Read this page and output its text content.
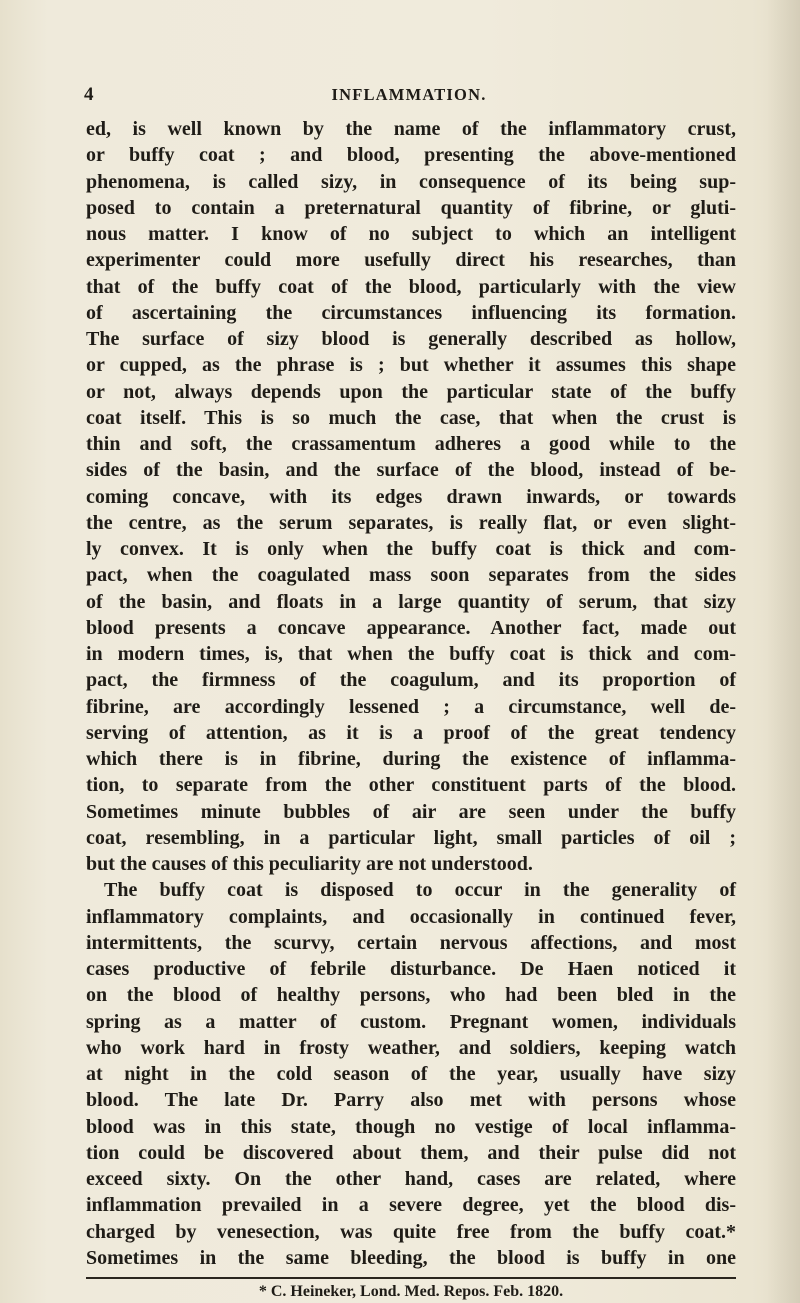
4	INFLAMMATION.
ed, is well known by the name of the inflammatory crust,
or buffy coat ; and blood, presenting the above-mentioned
phenomena, is called sizy, in consequence of its being sup-
posed to contain a preternatural quantity of fibrine, or gluti-
nous matter. I know of no subject to which an intelligent
experimenter could more usefully direct his researches, than
that of the buffy coat of the blood, particularly with the view
of ascertaining the circumstances influencing its formation.
The surface of sizy blood is generally described as hollow,
or cupped, as the phrase is ; but whether it assumes this shape
or not, always depends upon the particular state of the buffy
coat itself. This is so much the case, that when the crust is
thin and soft, the crassamentum adheres a good while to the
sides of the basin, and the surface of the blood, instead of be-
coming concave, with its edges drawn inwards, or towards
the centre, as the serum separates, is really flat, or even slight-
ly convex. It is only when the buffy coat is thick and com-
pact, when the coagulated mass soon separates from the sides
of the basin, and floats in a large quantity of serum, that sizy
blood presents a concave appearance. Another fact, made out
in modern times, is, that when the buffy coat is thick and com-
pact, the firmness of the coagulum, and its proportion of
fibrine, are accordingly lessened ; a circumstance, well de-
serving of attention, as it is a proof of the great tendency
which there is in fibrine, during the existence of inflamma-
tion, to separate from the other constituent parts of the blood.
Sometimes minute bubbles of air are seen under the buffy
coat, resembling, in a particular light, small particles of oil ;
but the causes of this peculiarity are not understood.
The buffy coat is disposed to occur in the generality of
inflammatory complaints, and occasionally in continued fever,
intermittents, the scurvy, certain nervous affections, and most
cases productive of febrile disturbance. De Haen noticed it
on the blood of healthy persons, who had been bled in the
spring as a matter of custom. Pregnant women, individuals
who work hard in frosty weather, and soldiers, keeping watch
at night in the cold season of the year, usually have sizy
blood. The late Dr. Parry also met with persons whose
blood was in this state, though no vestige of local inflamma-
tion could be discovered about them, and their pulse did not
exceed sixty. On the other hand, cases are related, where
inflammation prevailed in a severe degree, yet the blood dis-
charged by venesection, was quite free from the buffy coat.*
Sometimes in the same bleeding, the blood is buffy in one
* C. Heineker, Lond. Med. Repos. Feb. 1820.
